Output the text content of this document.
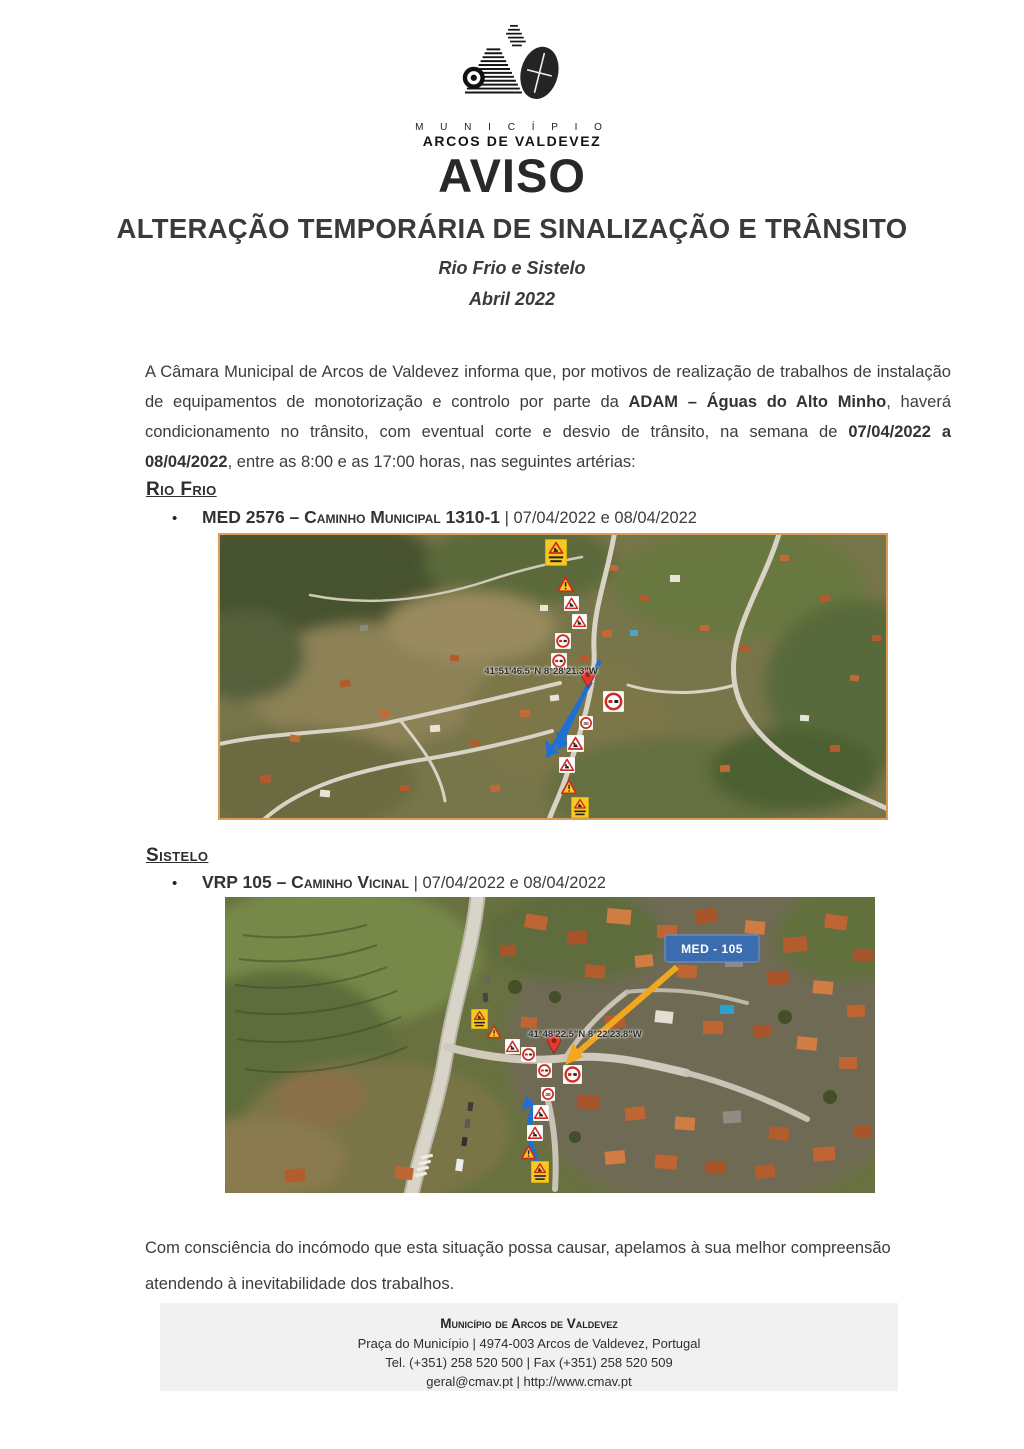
M U N I C Í P I O
ARCOS DE VALDEVEZ
AVISO
ALTERAÇÃO TEMPORÁRIA DE SINALIZAÇÃO E TRÂNSITO
Rio Frio e Sistelo
Abril 2022

A Câmara Municipal de Arcos de Valdevez informa que, por motivos de realização de trabalhos de instalação de equipamentos de monotorização e controlo por parte da ADAM – Águas do Alto Minho, haverá condicionamento no trânsito, com eventual corte e desvio de trânsito, na semana de 07/04/2022 a 08/04/2022, entre as 8:00 e as 17:00 horas, nas seguintes artérias:

Rio Frio
• MED 2576 – Caminho Municipal 1310-1 | 07/04/2022 e 08/04/2022
41°51'46.5"N 8°28'21.3"W
Sistelo
• VRP 105 – Caminho Vicinal | 07/04/2022 e 08/04/2022
MED - 105
41°48'22.5"N 8°22'23.8"W

Com consciência do incómodo que esta situação possa causar, apelamos à sua melhor compreensão atendendo à inevitabilidade dos trabalhos.

Município de Arcos de Valdevez
Praça do Município | 4974-003 Arcos de Valdevez, Portugal
Tel. (+351) 258 520 500 | Fax (+351) 258 520 509
geral@cmav.pt | http://www.cmav.pt
